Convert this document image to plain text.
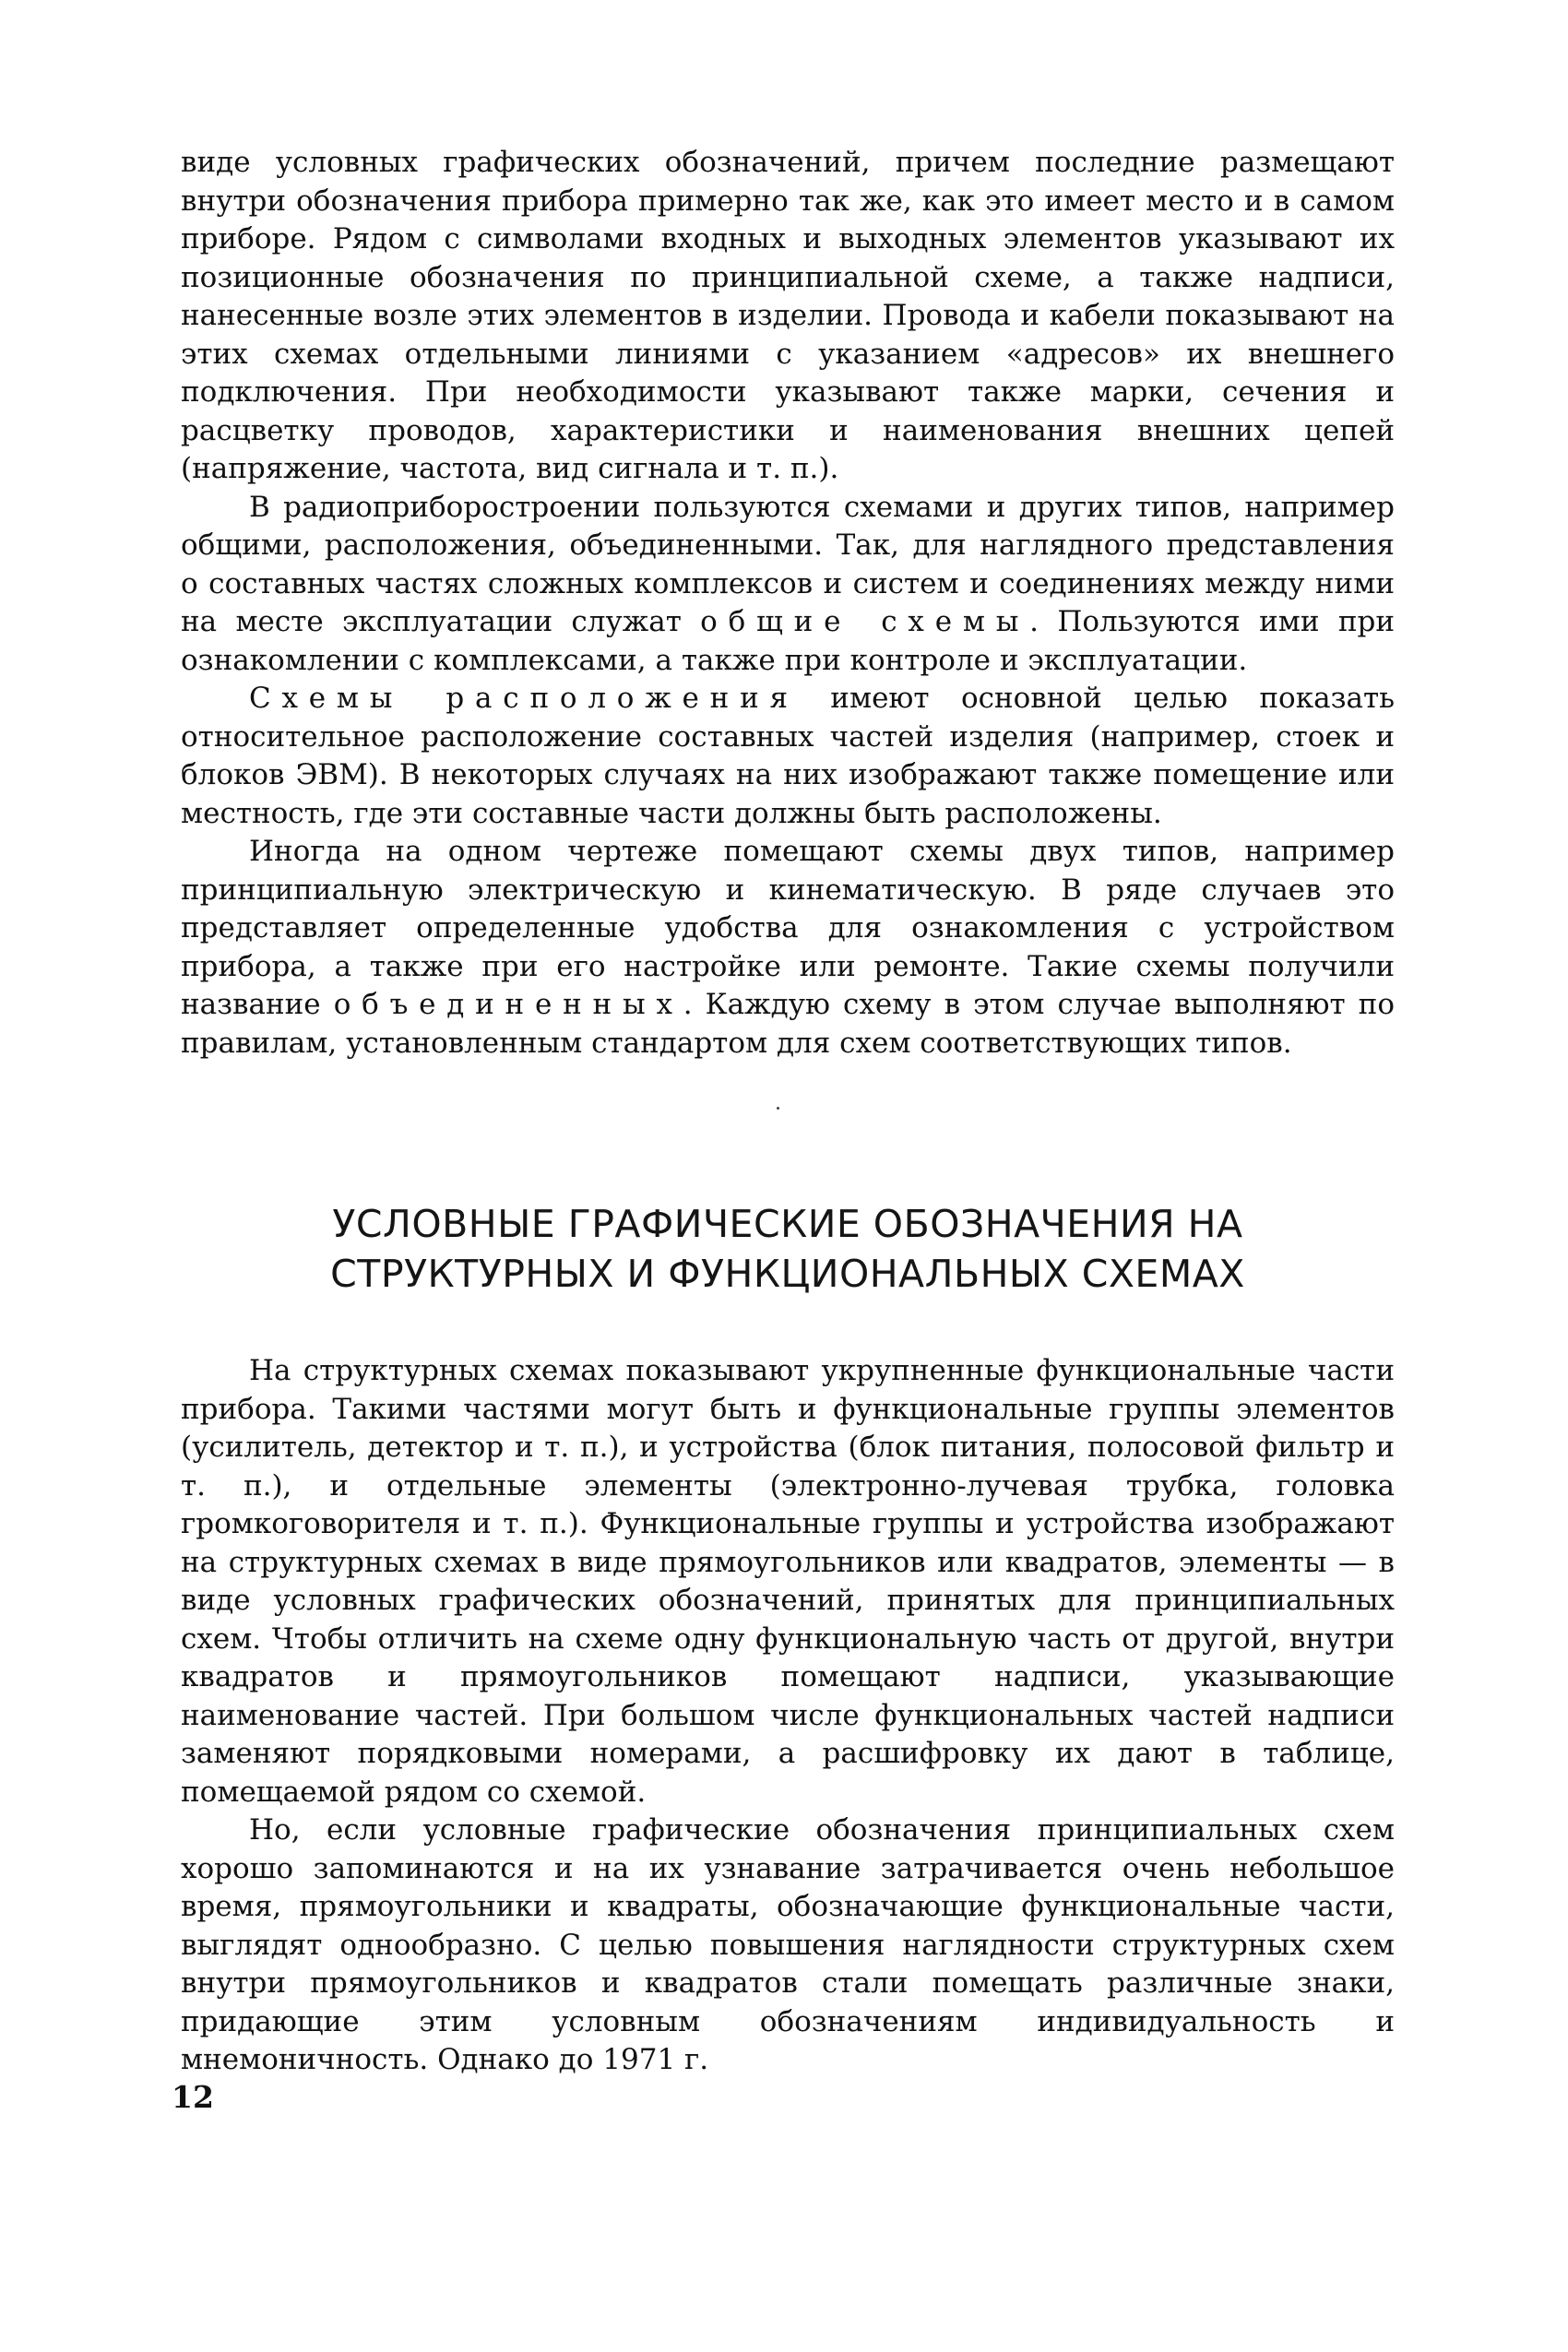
виде условных графических обозначений, причем последние размещают внутри обозначения прибора примерно так же, как это имеет место и в самом приборе. Рядом с символами входных и выходных элементов указывают их позиционные обозначения по принципиальной схеме, а также надписи, нанесенные возле этих элементов в изделии. Провода и кабели показывают на этих схемах отдельными линиями с указанием «адресов» их внешнего подключения. При необходимости указывают также марки, сечения и расцветку проводов, характеристики и наименования внешних цепей (напряжение, частота, вид сигнала и т. п.).

В радиоприборостроении пользуются схемами и других типов, например общими, расположения, объединенными. Так, для наглядного представления о составных частях сложных комплексов и систем и соединениях между ними на месте эксплуатации служат общие схемы. Пользуются ими при ознакомлении с комплексами, а также при контроле и эксплуатации.

Схемы расположения имеют основной целью показать относительное расположение составных частей изделия (например, стоек и блоков ЭВМ). В некоторых случаях на них изображают также помещение или местность, где эти составные части должны быть расположены.

Иногда на одном чертеже помещают схемы двух типов, например принципиальную электрическую и кинематическую. В ряде случаев это представляет определенные удобства для ознакомления с устройством прибора, а также при его настройке или ремонте. Такие схемы получили название объединенных. Каждую схему в этом случае выполняют по правилам, установленным стандартом для схем соответствующих типов.

УСЛОВНЫЕ ГРАФИЧЕСКИЕ ОБОЗНАЧЕНИЯ НА
СТРУКТУРНЫХ И ФУНКЦИОНАЛЬНЫХ СХЕМАХ

На структурных схемах показывают укрупненные функциональные части прибора. Такими частями могут быть и функциональные группы элементов (усилитель, детектор и т. п.), и устройства (блок питания, полосовой фильтр и т. п.), и отдельные элементы (электронно-лучевая трубка, головка громкоговорителя и т. п.). Функциональные группы и устройства изображают на структурных схемах в виде прямоугольников или квадратов, элементы — в виде условных графических обозначений, принятых для принципиальных схем. Чтобы отличить на схеме одну функциональную часть от другой, внутри квадратов и прямоугольников помещают надписи, указывающие наименование частей. При большом числе функциональных частей надписи заменяют порядковыми номерами, а расшифровку их дают в таблице, помещаемой рядом со схемой.

Но, если условные графические обозначения принципиальных схем хорошо запоминаются и на их узнавание затрачивается очень небольшое время, прямоугольники и квадраты, обозначающие функциональные части, выглядят однообразно. С целью повышения наглядности структурных схем внутри прямоугольников и квадратов стали помещать различные знаки, придающие этим условным обозначениям индивидуальность и мнемоничность. Однако до 1971 г.

12
